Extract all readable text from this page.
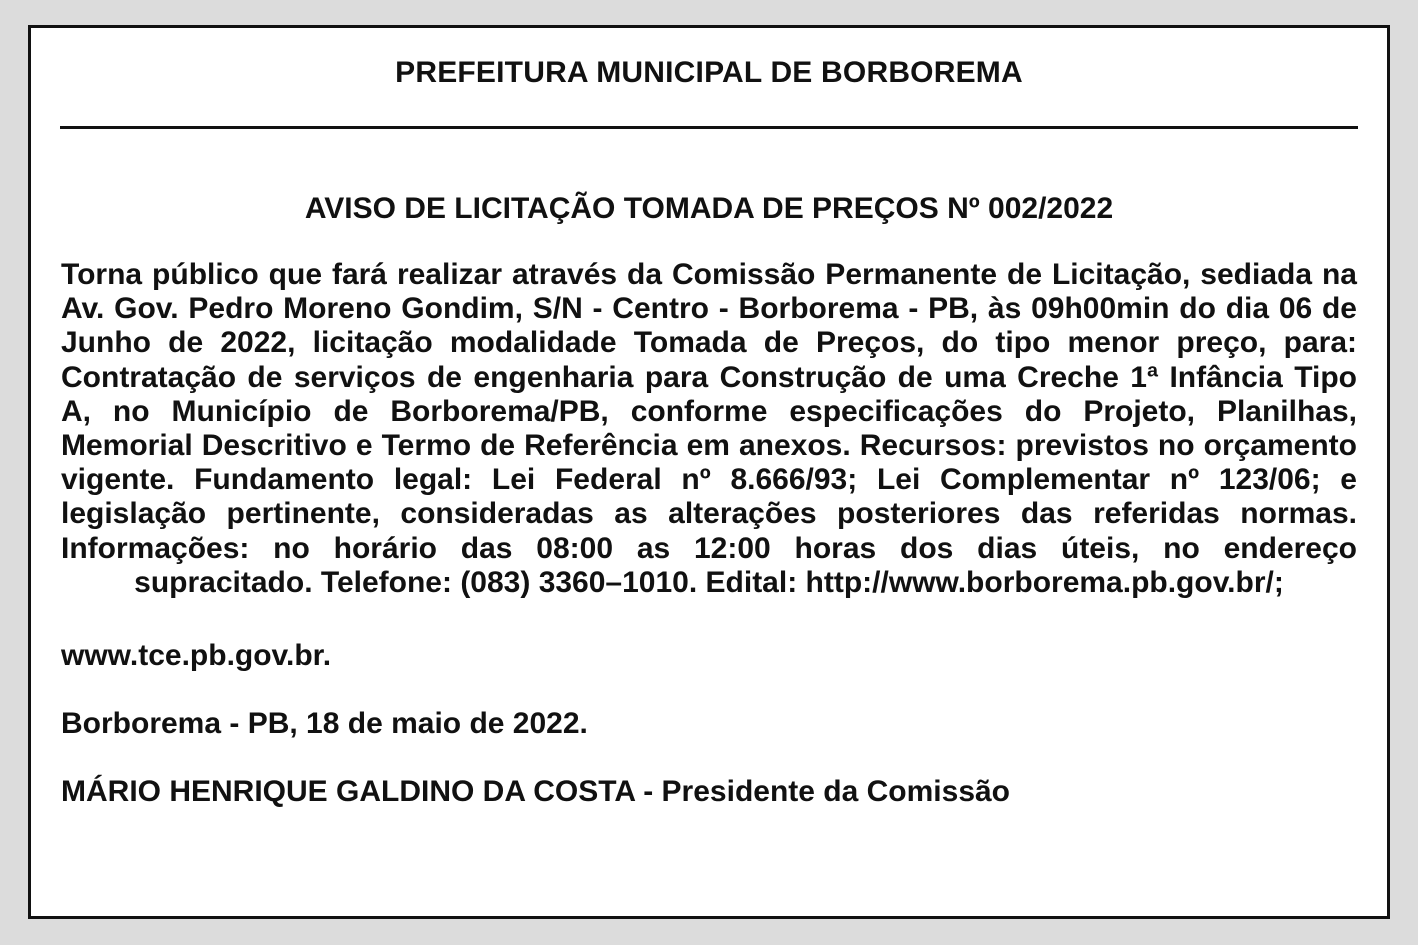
PREFEITURA MUNICIPAL DE BORBOREMA
AVISO DE LICITAÇÃO TOMADA DE PREÇOS Nº 002/2022

Torna público que fará realizar através da Comissão Permanente de Licitação, sediada na Av. Gov. Pedro Moreno Gondim, S/N - Centro - Borborema - PB, às 09h00min do dia 06 de Junho de 2022, licitação modalidade Tomada de Preços, do tipo menor preço, para: Contratação de serviços de engenharia para Construção de uma Creche 1ª Infância Tipo A, no Município de Borborema/PB, conforme especificações do Projeto, Planilhas, Memorial Descritivo e Termo de Referência em anexos. Recursos: previstos no orçamento vigente. Fundamento legal: Lei Federal nº 8.666/93; Lei Complementar nº 123/06; e legislação pertinente, consideradas as alterações posteriores das referidas normas. Informações: no horário das 08:00 as 12:00 horas dos dias úteis, no endereço supracitado. Telefone: (083) 3360–1010. Edital: http://www.borborema.pb.gov.br/;

www.tce.pb.gov.br.

Borborema - PB, 18 de maio de 2022.

MÁRIO HENRIQUE GALDINO DA COSTA - Presidente da Comissão
